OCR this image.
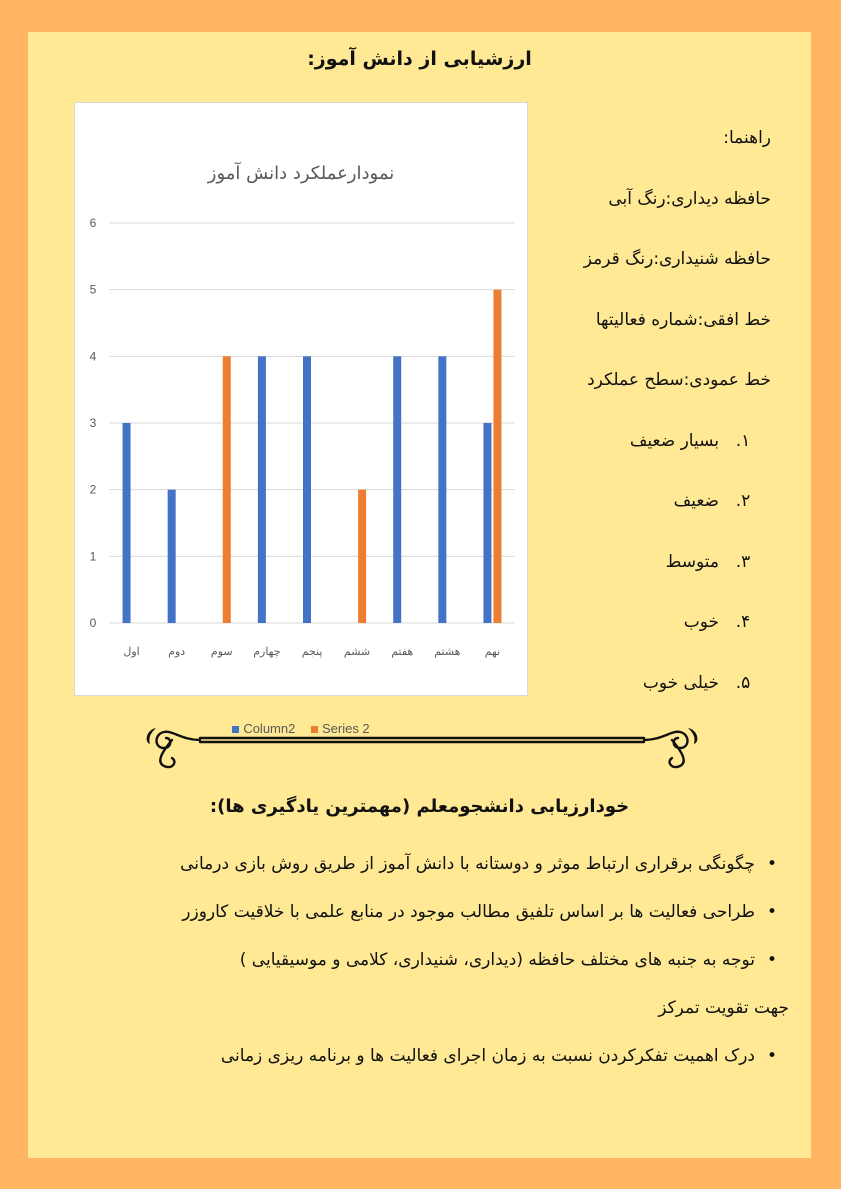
ارزشیابی از دانش آموز:
نمودارعملکرد دانش آموز
0
1
2
3
4
5
6
اول	دوم سوم چهارم پنجم ششم هفتم هشتم نهم
Column2 Series 2
راهنما:
حافظه دیداری:رنگ آبی
حافظه شنیداری:رنگ قرمز
خط افقی:شماره فعالیتها
خط عمودی:سطح عملکرد
۱.بسیار ضعیف
۲.ضعیف
۳.متوسط
۴.خوب
۵.خیلی خوب
خودارزیابی دانشجومعلم (مهمترین یادگیری ها):
•چگونگی برقراری ارتباط موثر و دوستانه با دانش آموز از طریق روش بازی درمانی
•طراحی فعالیت ها بر اساس تلفیق مطالب موجود در منابع علمی با خلاقیت کاروزر
•توجه به جنبه های مختلف حافظه (دیداری، شنیداری، کلامی و موسیقیایی )
جهت تقویت تمرکز
•درک اهمیت تفکرکردن نسبت به زمان اجرای فعالیت ها و برنامه ریزی زمانی
